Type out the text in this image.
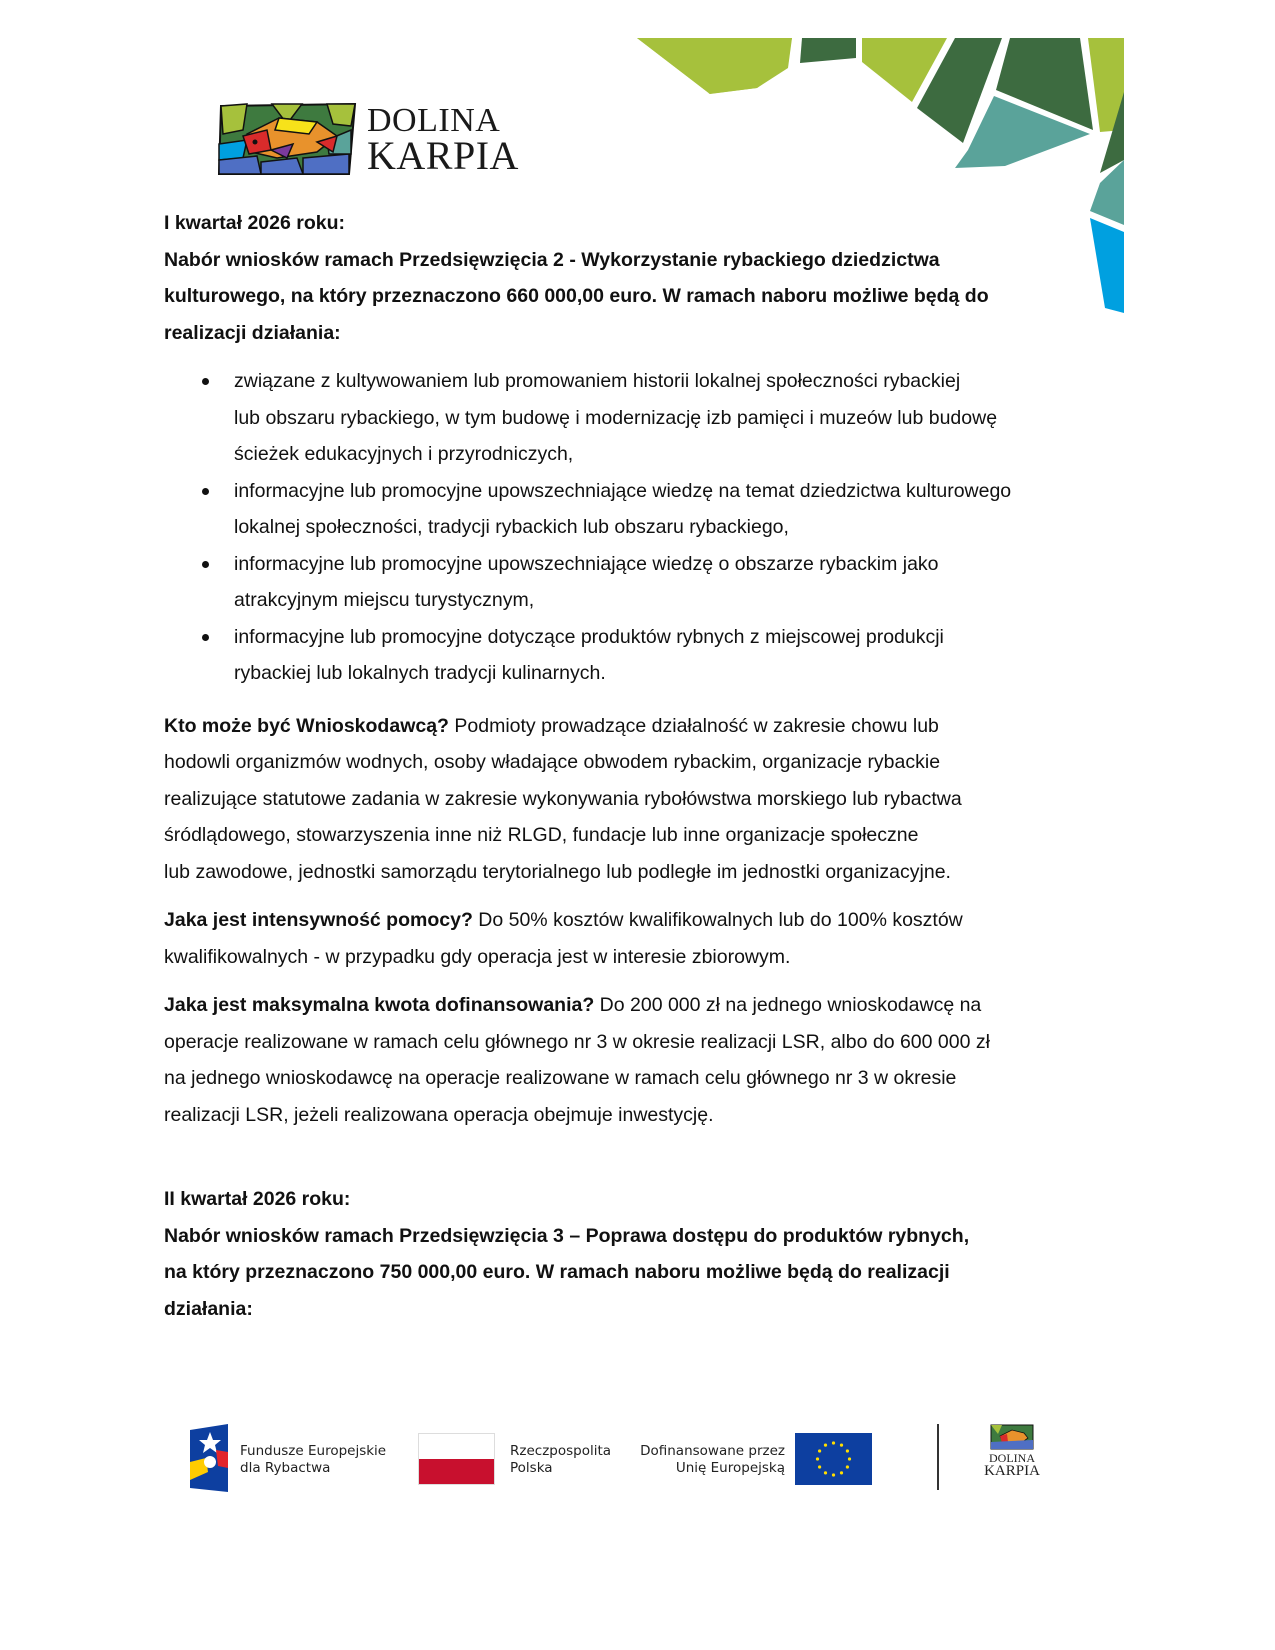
DOLINA
KARPIA

I kwartał 2026 roku:

Nabór wniosków ramach Przedsięwzięcia 2 - Wykorzystanie rybackiego dziedzictwa
kulturowego, na który przeznaczono 660 000,00 euro. W ramach naboru możliwe będą do
realizacji działania:

związane z kultywowaniem lub promowaniem historii lokalnej społeczności rybackiej
lub obszaru rybackiego, w tym budowę i modernizację izb pamięci i muzeów lub budowę
ścieżek edukacyjnych i przyrodniczych,
informacyjne lub promocyjne upowszechniające wiedzę na temat dziedzictwa kulturowego
lokalnej społeczności, tradycji rybackich lub obszaru rybackiego,
informacyjne lub promocyjne upowszechniające wiedzę o obszarze rybackim jako
atrakcyjnym miejscu turystycznym,
informacyjne lub promocyjne dotyczące produktów rybnych z miejscowej produkcji
rybackiej lub lokalnych tradycji kulinarnych.

Kto może być Wnioskodawcą? Podmioty prowadzące działalność w zakresie chowu lub
hodowli organizmów wodnych, osoby władające obwodem rybackim, organizacje rybackie
realizujące statutowe zadania w zakresie wykonywania rybołówstwa morskiego lub rybactwa
śródlądowego, stowarzyszenia inne niż RLGD, fundacje lub inne organizacje społeczne
lub zawodowe, jednostki samorządu terytorialnego lub podległe im jednostki organizacyjne.

Jaka jest intensywność pomocy? Do 50% kosztów kwalifikowalnych lub do 100% kosztów
kwalifikowalnych - w przypadku gdy operacja jest w interesie zbiorowym.

Jaka jest maksymalna kwota dofinansowania? Do 200 000 zł na jednego wnioskodawcę na
operacje realizowane w ramach celu głównego nr 3 w okresie realizacji LSR, albo do 600 000 zł
na jednego wnioskodawcę na operacje realizowane w ramach celu głównego nr 3 w okresie
realizacji LSR, jeżeli realizowana operacja obejmuje inwestycję.

II kwartał 2026 roku:

Nabór wniosków ramach Przedsięwzięcia 3 – Poprawa dostępu do produktów rybnych,
na który przeznaczono 750 000,00 euro. W ramach naboru możliwe będą do realizacji
działania:

Fundusze Europejskie
dla Rybactwa
Rzeczpospolita
Polska
Dofinansowane przez
Unię Europejską
DOLINA
KARPIA
